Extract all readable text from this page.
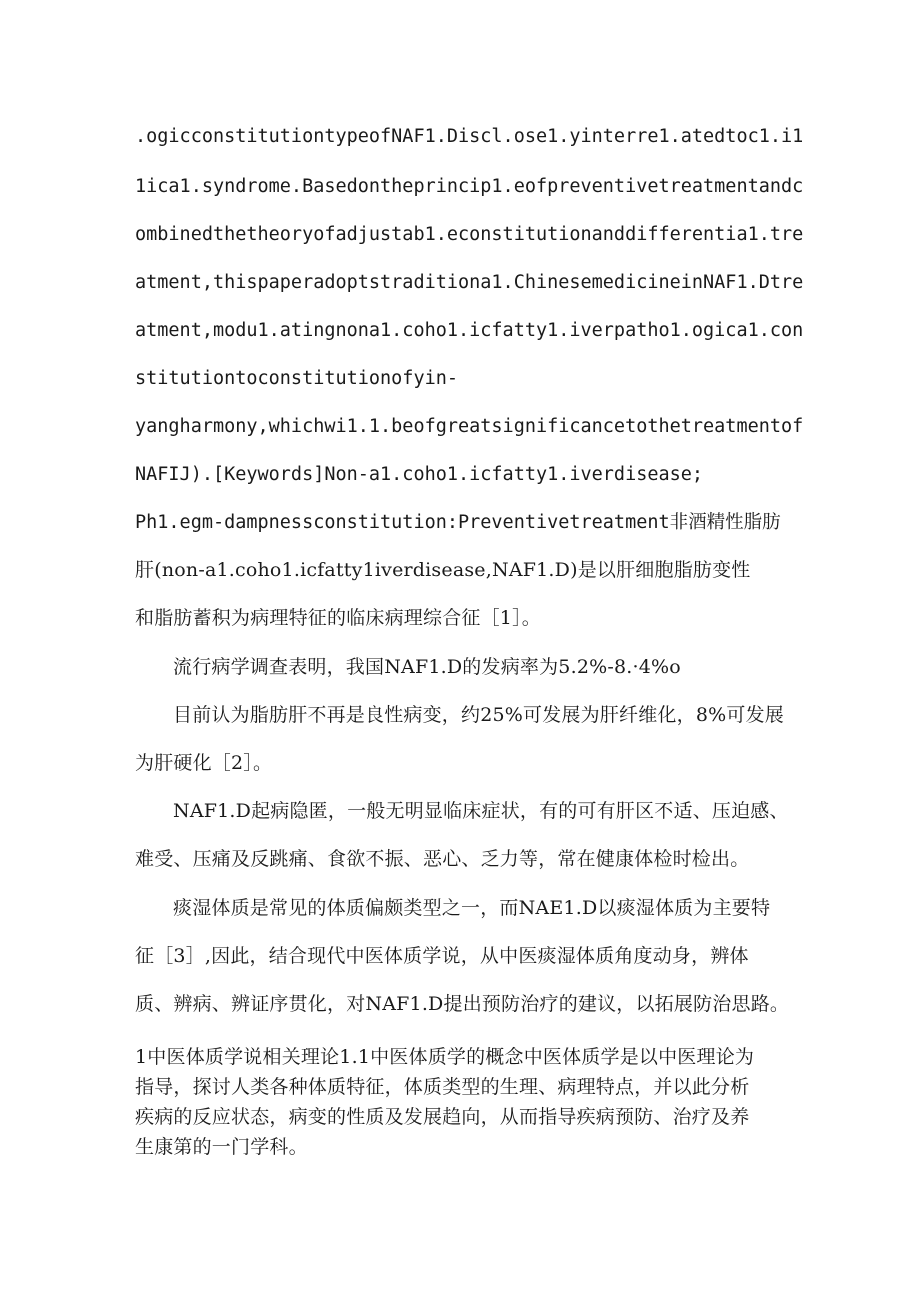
.ogicconstitutiontypeofNAF1.Discl.ose1.yinterre1.atedtoc1.i1
1ica1.syndrome.Basedontheprincip1.eofpreventivetreatmentandc
ombinedthetheoryofadjustab1.econstitutionanddifferentia1.tre
atment,thispaperadoptstraditiona1.ChinesemedicineinNAF1.Dtre
atment,modu1.atingnona1.coho1.icfatty1.iverpatho1.ogica1.con
stitutiontoconstitutionofyin-
yangharmony,whichwi1.1.beofgreatsignificancetothetreatmentof
NAFIJ).[Keywords]Non-a1.coho1.icfatty1.iverdisease;
Ph1.egm-dampnessconstitution:Preventivetreatment非酒精性脂肪
肝(non-a1.coho1.icfatty1iverdisease,NAF1.D)是以肝细胞脂肪变性
和脂肪蓄积为病理特征的临床病理综合征［1］。
流行病学调查表明，我国NAF1.D的发病率为5.2%-8.·4%o
目前认为脂肪肝不再是良性病变，约25%可发展为肝纤维化，8%可发展
为肝硬化［2］。
NAF1.D起病隐匿，一般无明显临床症状，有的可有肝区不适、压迫感、
难受、压痛及反跳痛、食欲不振、恶心、乏力等，常在健康体检时检出。
痰湿体质是常见的体质偏颇类型之一，而NAE1.D以痰湿体质为主要特
征［3］,因此，结合现代中医体质学说，从中医痰湿体质角度动身，辨体
质、辨病、辨证序贯化，对NAF1.D提出预防治疗的建议，以拓展防治思路。
1中医体质学说相关理论1.1中医体质学的概念中医体质学是以中医理论为
指导，探讨人类各种体质特征，体质类型的生理、病理特点，并以此分析
疾病的反应状态，病变的性质及发展趋向，从而指导疾病预防、治疗及养
生康第的一门学科。
